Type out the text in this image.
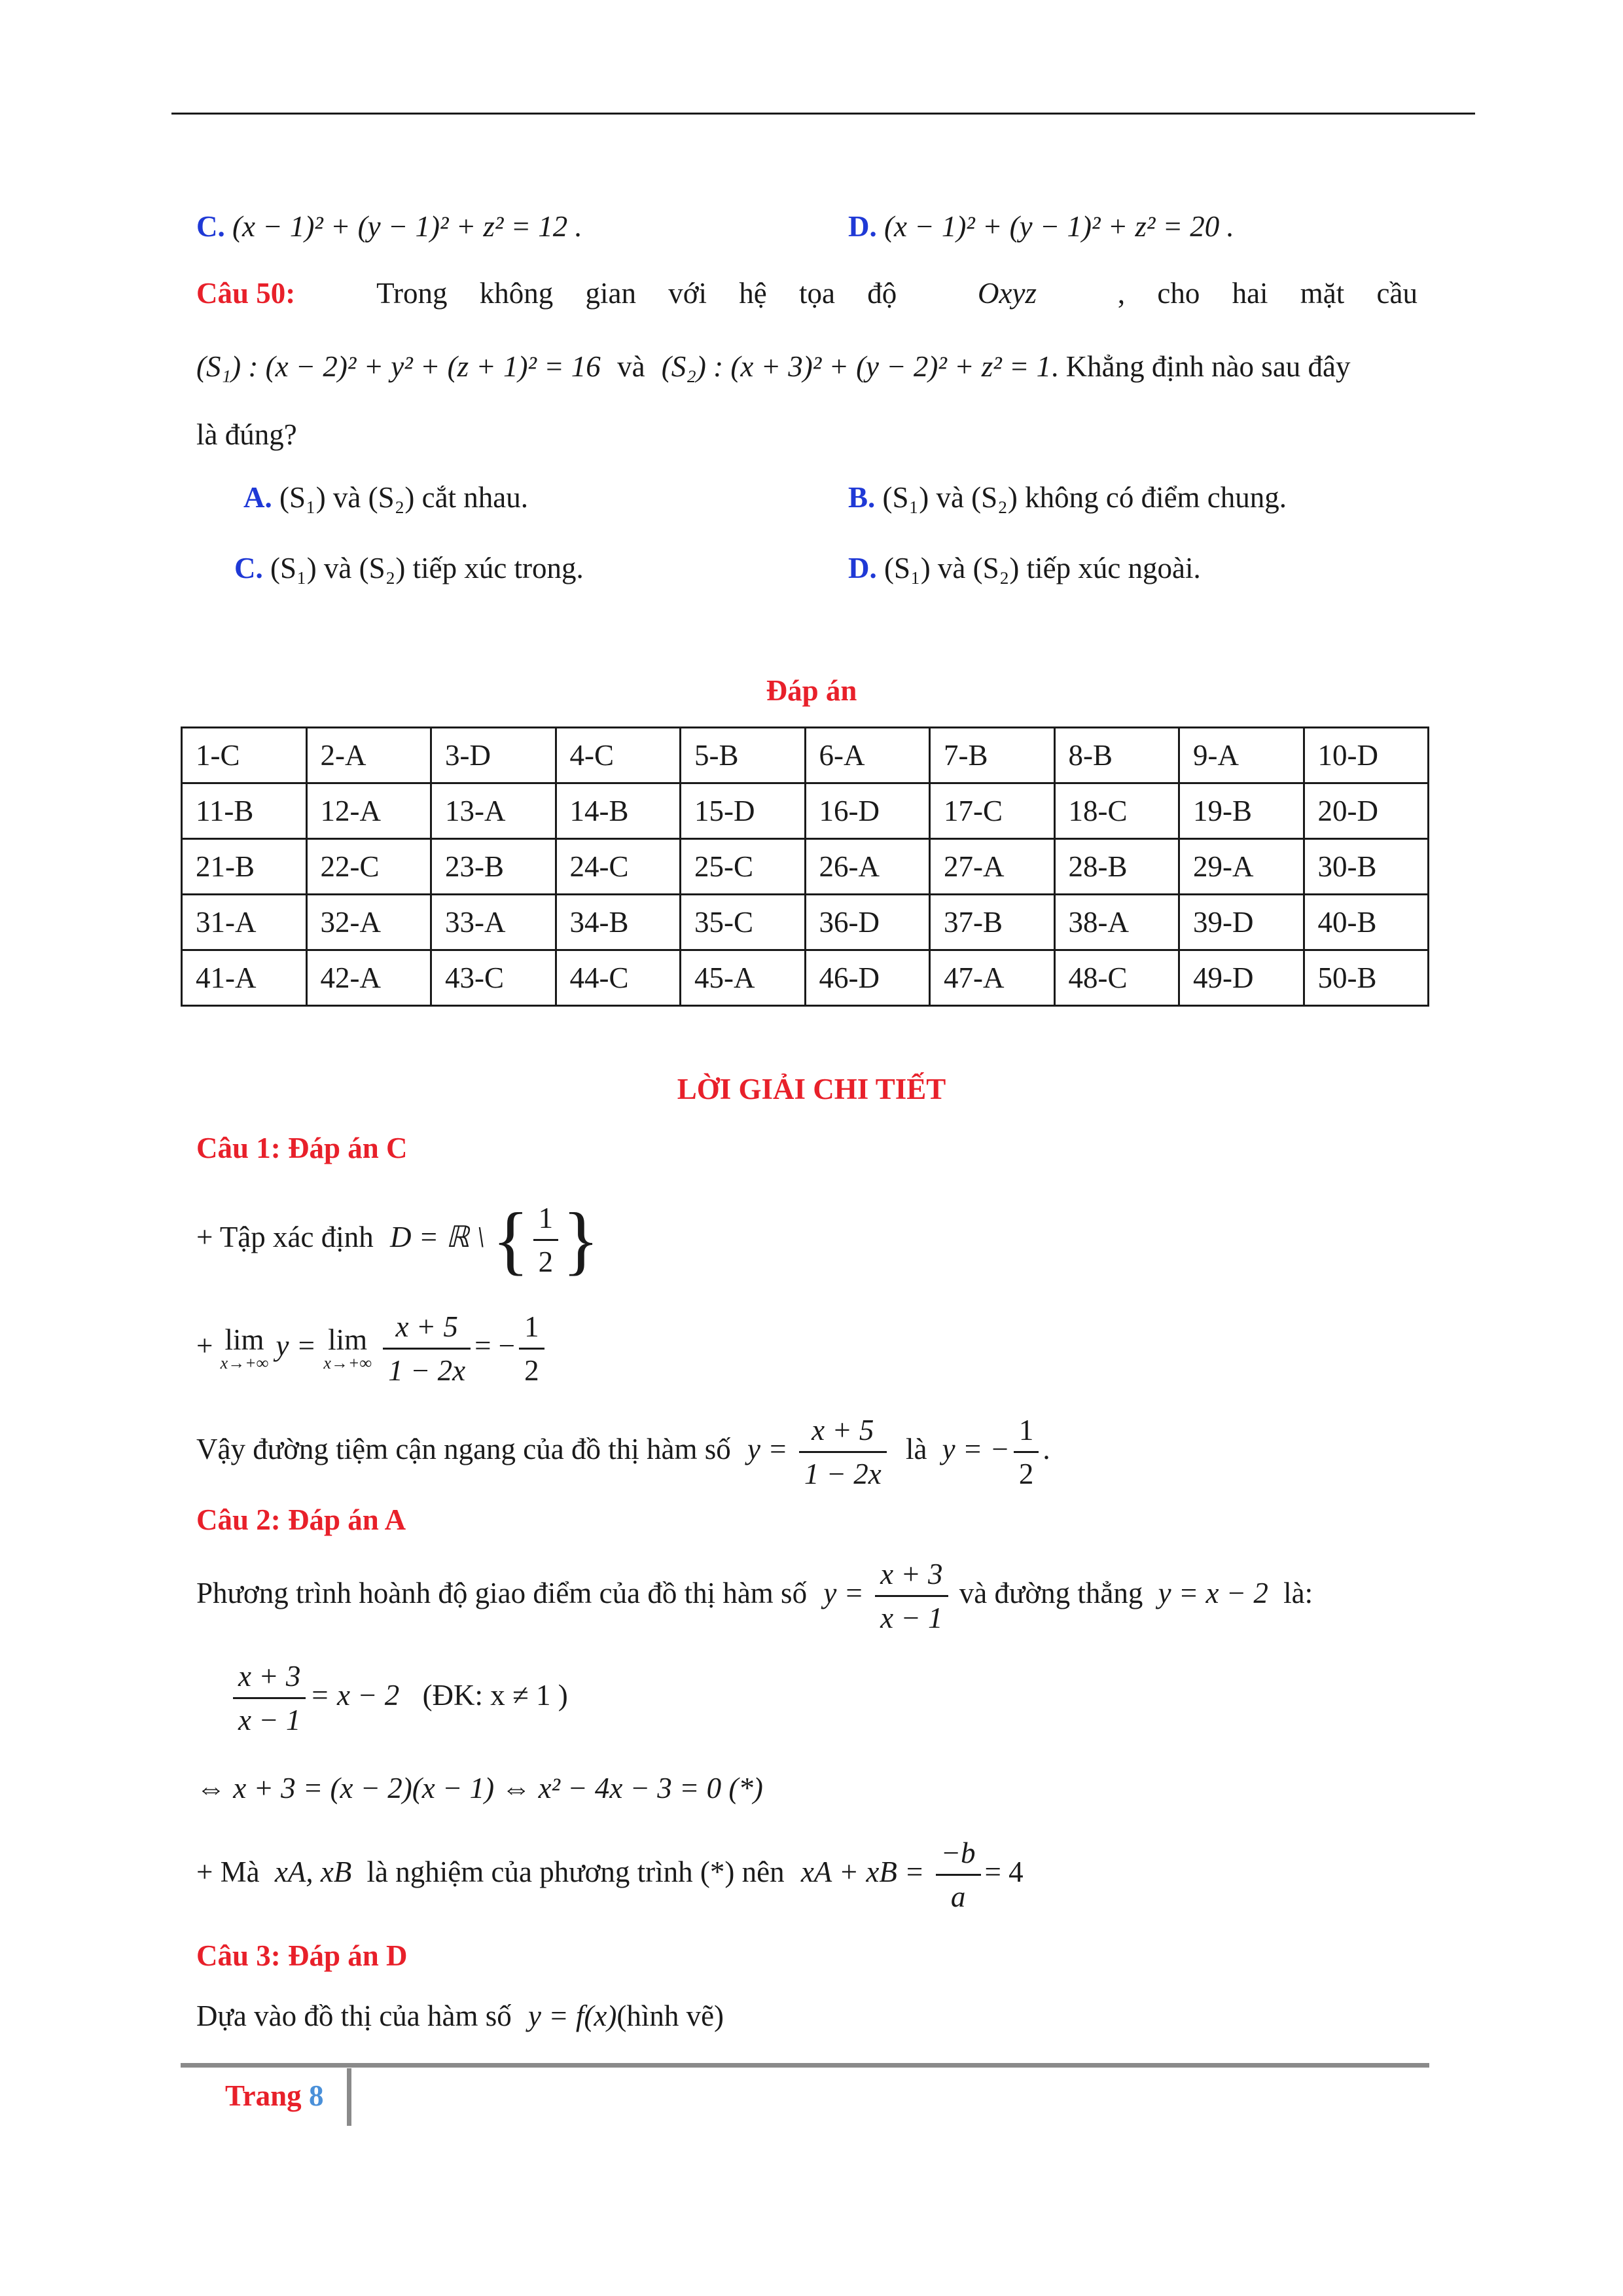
C. (x − 1)² + (y − 1)² + z² = 12 .	D. (x − 1)² + (y − 1)² + z² = 20 .
Câu 50:	Trong không gian với hệ tọa độ	Oxyz	, cho hai mặt cầu
(S₁) : (x − 2)² + y² + (z + 1)² = 16 và (S₂) : (x + 3)² + (y − 2)² + z² = 1. Khẳng định nào sau đây
là đúng?
A. (S₁) và (S₂) cắt nhau.	B. (S₁) và (S₂) không có điểm chung.
C. (S₁) và (S₂) tiếp xúc trong.	D. (S₁) và (S₂) tiếp xúc ngoài.
Đáp án
1-C	2-A	3-D	4-C	5-B	6-A	7-B	8-B	9-A	10-D
11-B	12-A	13-A	14-B	15-D	16-D	17-C	18-C	19-B	20-D
21-B	22-C	23-B	24-C	25-C	26-A	27-A	28-B	29-A	30-B
31-A	32-A	33-A	34-B	35-C	36-D	37-B	38-A	39-D	40-B
41-A	42-A	43-C	44-C	45-A	46-D	47-A	48-C	49-D	50-B
LỜI GIẢI CHI TIẾT
Câu 1: Đáp án C
+ Tập xác định D = ℝ \ { $\frac{1}{2}$ }
+ lim
x→+∞
y = lim
x→+∞
$\frac{x + 5}{1 - 2x}$ = − $\frac{1}{2}$
Vậy đường tiệm cận ngang của đồ thị hàm số $y = \frac{x + 5}{1 - 2x}$ là y = − $\frac{1}{2}$ .
Câu 2: Đáp án A
Phương trình hoành độ giao điểm của đồ thị hàm số $y = \frac{x + 3}{x - 1}$ và đường thẳng y = x − 2 là:
$\frac{x + 3}{x - 1} = x - 2$ (ĐK: x ≠ 1 )
⇔ x + 3 = (x − 2)(x − 1) ⇔ x² − 4x − 3 = 0 (*)
+ Mà xA, xB là nghiệm của phương trình (*) nên xA + xB = $\frac{-b}{a} = 4$
Câu 3: Đáp án D
Dựa vào đồ thị của hàm số y = f(x)(hình vẽ)
Trang 8
